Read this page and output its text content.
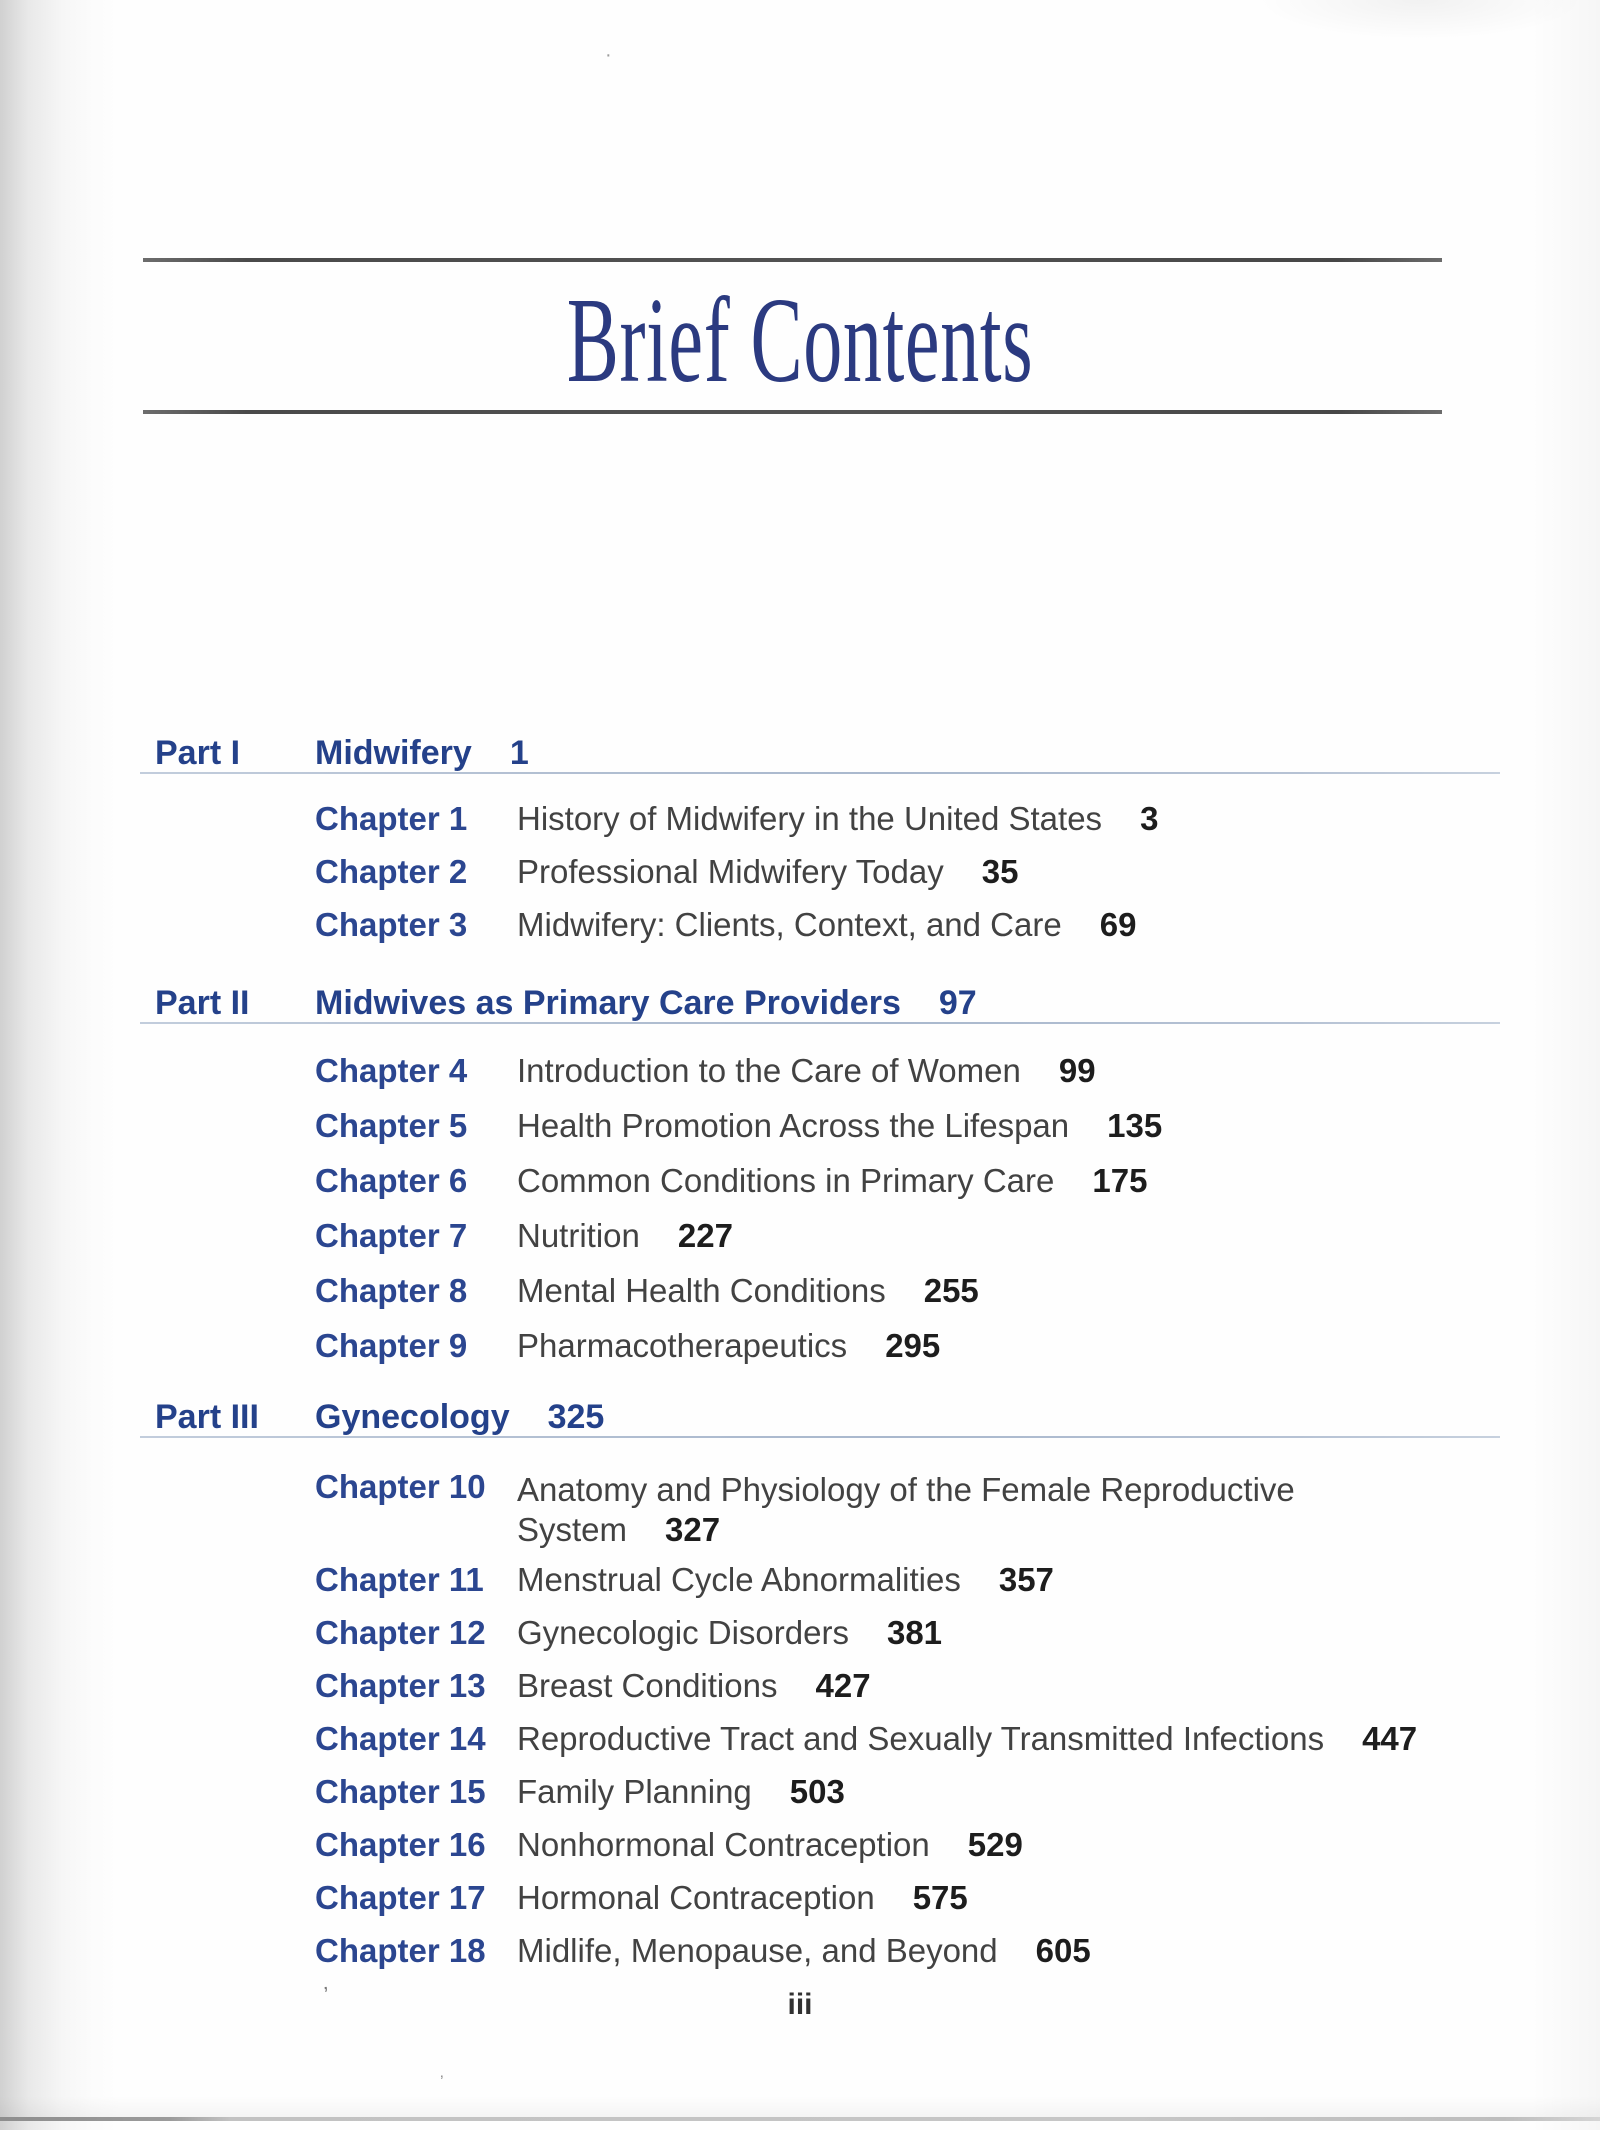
Brief Contents
Part I Midwifery 1
Chapter 1 History of Midwifery in the United States 3
Chapter 2 Professional Midwifery Today 35
Chapter 3 Midwifery: Clients, Context, and Care 69
Part II Midwives as Primary Care Providers 97
Chapter 4 Introduction to the Care of Women 99
Chapter 5 Health Promotion Across the Lifespan 135
Chapter 6 Common Conditions in Primary Care 175
Chapter 7 Nutrition 227
Chapter 8 Mental Health Conditions 255
Chapter 9 Pharmacotherapeutics 295
Part III Gynecology 325
Chapter 10 Anatomy and Physiology of the Female Reproductive
System 327
Chapter 11 Menstrual Cycle Abnormalities 357
Chapter 12 Gynecologic Disorders 381
Chapter 13 Breast Conditions 427
Chapter 14 Reproductive Tract and Sexually Transmitted Infections 447
Chapter 15 Family Planning 503
Chapter 16 Nonhormonal Contraception 529
Chapter 17 Hormonal Contraception 575
Chapter 18 Midlife, Menopause, and Beyond 605
iii
’
‚
·
